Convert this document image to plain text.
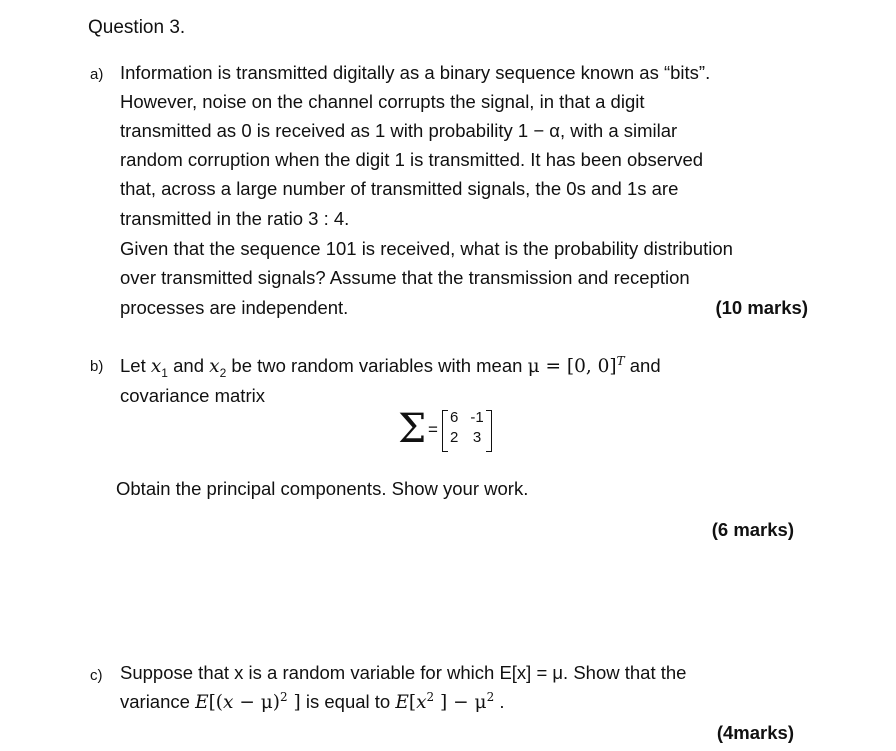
Question 3.
a) Information is transmitted digitally as a binary sequence known as “bits”.
However, noise on the channel corrupts the signal, in that a digit
transmitted as 0 is received as 1 with probability 1 − α, with a similar
random corruption when the digit 1 is transmitted. It has been observed
that, across a large number of transmitted signals, the 0s and 1s are
transmitted in the ratio 3 : 4.
Given that the sequence 101 is received, what is the probability distribution
over transmitted signals? Assume that the transmission and reception
processes are independent.	(10 marks)
b) Let $x_1$ and $x_2$ be two random variables with mean μ = [0, 0]$^T$ and
covariance matrix
Σ =
6	-1
2	3
Obtain the principal components. Show your work.
(6 marks)
c) Suppose that x is a random variable for which E[x] = μ. Show that the
variance $E[(x - \mu)^2$ ] is equal to $E[x^2$ ] − $\mu^2$ .
(4marks)
